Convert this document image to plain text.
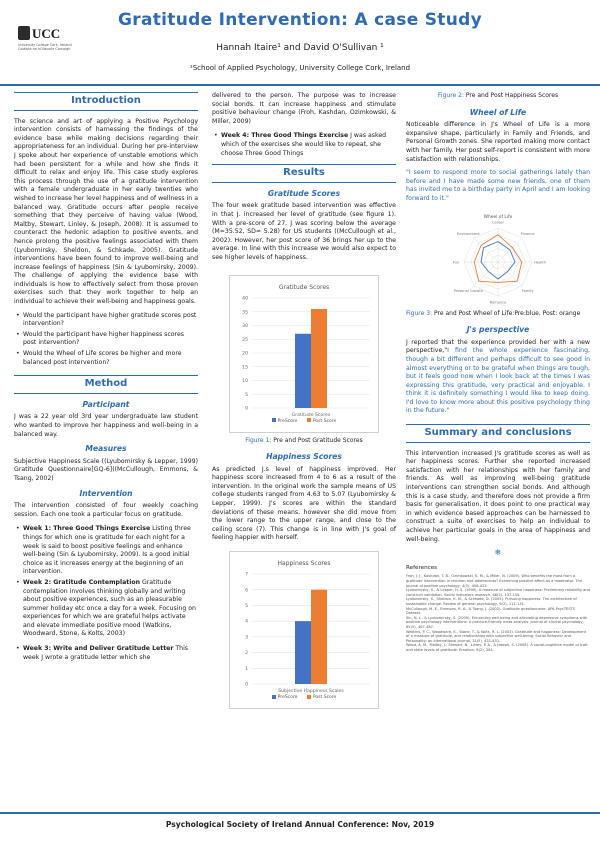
UCC
University College Cork, Ireland Coláiste na hOllscoile Corcaigh
Gratitude Intervention: A case Study
Hannah Itaire¹ and David O'Sullivan ¹
¹School of Applied Psychology, University College Cork, Ireland
Introduction

The science and art of applying a Positive Psychology intervention consists of harnessing the findings of the evidence base while making decisions regarding their appropriateness for an individual. During her pre-interview J spoke about her experience of unstable emotions which had been persistent for a while and how she finds it difficult to relax and enjoy life. This case study explores this process through the use of a gratitude intervention with a female undergraduate in her early twenties who wished to increase her level happiness and of wellness in a balanced way. Gratitude occurs after people receive something that they perceive of having value (Wood, Maltby, Stewart, Linley, & Joseph, 2008). It is assumed to counteract the hedonic adaption to positive events, and hence prolong the positive feelings associated with them (Lyubomirsky, Sheldon, & Schkade, 2005). Gratitude interventions have been found to improve well-being and increase feelings of happiness (Sin & Lyubomirsky, 2009). The challenge of applying the evidence base with individuals is how to effectively select from those proven exercises such that they work together to help an individual to achieve their well-being and happiness goals.

• Would the participant have higher gratitude scores post intervention?
• Would the participant have higher happiness scores post intervention?
• Would the Wheel of Life scores be higher and more balanced post intervention?
Method
Participant

J was a 22 year old 3rd year undergraduate law student who wanted to improve her happiness and well-being in a balanced way.

Measures

Subjective Happiness Scale ((Lyubomirsky & Lepper, 1999) Gratitude Questionnaire[GQ-6]((McCullough, Emmons, & Tsang, 2002)

Intervention

The intervention consisted of four weekly coaching session. Each one took a particular focus on gratitude.

• Week 1: Three Good Things Exercise Listing three things for which one is gratitude for each night for a week is said to boost positive feelings and enhance well-being (Sin & Lyubomirsky, 2009). Is a good initial choice as it increases energy at the beginning of an intervention.
• Week 2: Gratitude Contemplation Gratitude contemplation involves thinking globally and writing about positive experiences, such as an pleasurable summer holiday etc once a day for a week. Focusing on experiences for which we are grateful helps activate and elevate immediate positive mood (Watkins, Woodward, Stone, & Kolts, 2003)
• Week 3: Write and Deliver Gratitude Letter This week J wrote a gratitude letter which she

delivered to the person. The purpose was to increase social bonds. It can increase happiness and stimulate positive behaviour change (Froh, Kashdan, Ozimkowski, & Miller, 2009)

• Week 4: Three Good Things Exercise J was asked which of the exercises she would like to repeat, she choose Three Good Things
Results
Gratitude Scores

The four week gratitude based intervention was effective in that J. increased her level of gratitude (see figure 1). With a pre-score of 27, J was scoring below the average (M=35.52, SD= 5.28) for US students ((McCullough et al., 2002). However, her post score of 36 brings her up to the average. In line with this increase we would also expect to see higher levels of happiness.

Gratitude Scores
0
5
10
15
20
25
30
35
40
Gratitude Scores
PreScore	Post Score
Figure 1: Pre and Post Gratitude Scores
Happiness Scores

As predicted J.s level of happiness improved. Her happiness score increased from 4 to 6 as a result of the intervention. In the original work the sample means of US college students ranged from 4.63 to 5.07 (Lyubomirsky & Lepper, 1999). J's scores are within the standard deviations of these means, however she did move from the lower range to the upper range, and close to the ceiling score (7). This change is in line with J's goal of feeling happier with herself.

Happiness Scores
0
1
2
3
4
5
6
7
Subjective Happiness Scales
PreScore	Post Score
Figure 2: Pre and Post Happiness Scores
Wheel of Life

Noticeable difference in J's Wheel of Life is a more expansive shape, particularly in Family and Friends, and Personal Growth zones. She reported making more contact with her family. Her post self-report is consistent with more satisfaction with relationships.

"I seem to respond more to social gatherings lately than before and I have made some new friends, one of them has invited me to a birthday party in April and I am looking forward to it."

Wheel of Life
Career
Finance
Health
Family
Romance
Personal Growth
Fun
Environment
Figure 3: Pre and Post Wheel of Life:Pre:blue, Post: orange
J's perspective

J reported that the experience provided her with a new perspective,"I find the whole experience fascinating, though a bit different and perhaps difficult to see good in almost everything or to be grateful when things are tough, but it feels good now when I look back at the times I was expressing this gratitude, very practical and enjoyable. I think it is definitely something I would like to keep doing. I'd love to know more about this positive psychology thing in the future."

Summary and conclusions

This intervention increased J's gratitude scores as well as her happiness scores. Further she reported increased satisfaction with her relationships with her family and friends. As well as improving well-being gratitude interventions can strengthen social bonds. And although this is a case study, and therefore does not provide a firm basis for generalisation, it does point to one practical way in which evidence based approaches can be harnessed to construct a suite of exercises to help an individual to achieve her particular goals in the area of happiness and well-being.

❄
References
Froh, J. J., Kashdan, T. B., Ozimkowski, K. M., & Miller, N. (2009). Who benefits the most from a gratitude intervention in children and adolescents? Examining positive affect as a moderator. The journal of positive psychology, 4(5), 408-422.
Lyubomirsky, S., & Lepper, H. S. (1999). A measure of subjective happiness: Preliminary reliability and construct validation. Social indicators research, 46(2), 137-155.
Lyubomirsky, S., Sheldon, K. M., & Schkade, D. (2005). Pursuing happiness: The architecture of sustainable change. Review of general psychology, 9(2), 111-131.
McCullough, M. E., Emmons, R. A., & Tsang, J. (2002). Gratitude questionnaire. APA PsycTESTS Dataset.
Sin, N. L., & Lyubomirsky, S. (2009). Enhancing well-being and alleviating depressive symptoms with positive psychology interventions: A practice-friendly meta-analysis. Journal of clinical psychology, 65(5), 467-487.
Watkins, P. C., Woodward, K., Stone, T., & Kolts, R. L. (2003). Gratitude and happiness: Development of a measure of gratitude, and relationships with subjective well-being. Social Behavior and Personality: an international journal, 31(5), 431-451.
Wood, A. M., Maltby, J., Stewart, N., Linley, P. A., & Joseph, S. (2008). A social-cognitive model of trait and state levels of gratitude. Emotion, 8(2), 281.
Psychological Society of Ireland Annual Conference: Nov, 2019
